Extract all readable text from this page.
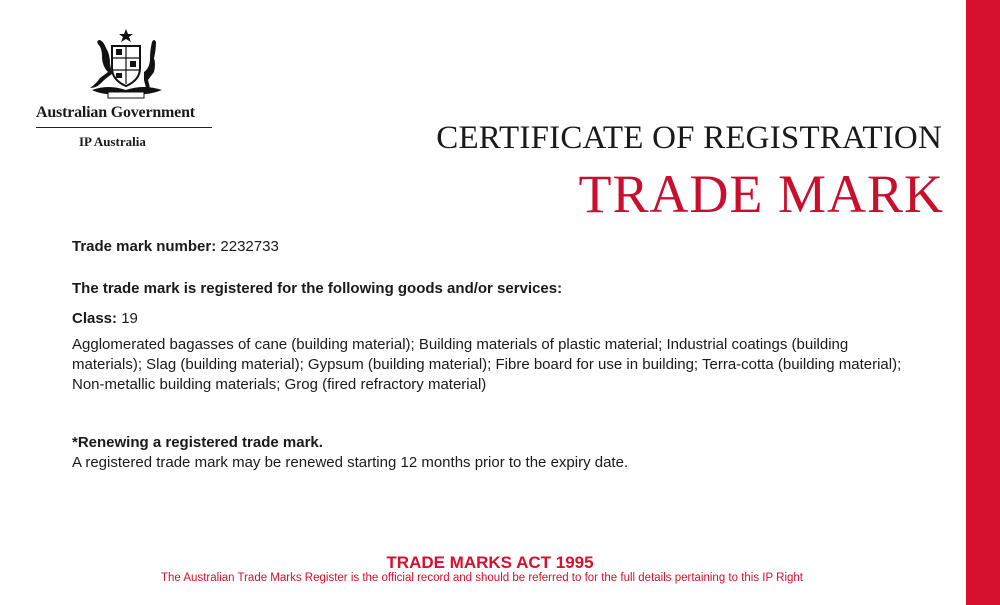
Australian Government
IP Australia	CERTIFICATE OF REGISTRATION
TRADE MARK
Trade mark number: 2232733
The trade mark is registered for the following goods and/or services:
Class: 19
Agglomerated bagasses of cane (building material); Building materials of plastic material; Industrial coatings (building materials); Slag (building material); Gypsum (building material); Fibre board for use in building; Terra-cotta (building material); Non-metallic building materials; Grog (fired refractory material)
*Renewing a registered trade mark.
A registered trade mark may be renewed starting 12 months prior to the expiry date.
TRADE MARKS ACT 1995
The Australian Trade Marks Register is the official record and should be referred to for the full details pertaining to this IP Right
